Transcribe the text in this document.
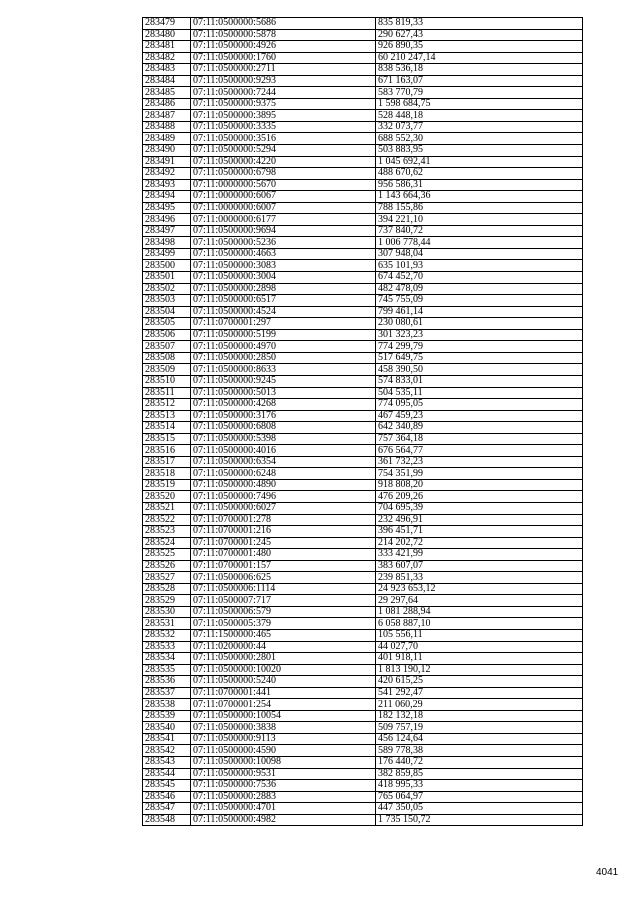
283479	07:11:0500000:5686	835 819,33
283480	07:11:0500000:5878	290 627,43
283481	07:11:0500000:4926	926 890,35
283482	07:11:0500000:1760	60 210 247,14
283483	07:11:0500000:2711	838 536,18
283484	07:11:0500000:9293	671 163,07
283485	07:11:0500000:7244	583 770,79
283486	07:11:0500000:9375	1 598 684,75
283487	07:11:0500000:3895	528 448,18
283488	07:11:0500000:3335	332 073,77
283489	07:11:0500000:3516	688 552,30
283490	07:11:0500000:5294	503 883,95
283491	07:11:0500000:4220	1 045 692,41
283492	07:11:0500000:6798	488 670,62
283493	07:11:0000000:5670	956 586,31
283494	07:11:0000000:6067	1 143 664,36
283495	07:11:0000000:6007	788 155,86
283496	07:11:0000000:6177	394 221,10
283497	07:11:0500000:9694	737 840,72
283498	07:11:0500000:5236	1 006 778,44
283499	07:11:0500000:4663	307 948,04
283500	07:11:0500000:3083	635 101,93
283501	07:11:0500000:3004	674 452,70
283502	07:11:0500000:2898	482 478,09
283503	07:11:0500000:6517	745 755,09
283504	07:11:0500000:4524	799 461,14
283505	07:11:0700001:297	230 080,61
283506	07:11:0500000:5199	301 323,23
283507	07:11:0500000:4970	774 299,79
283508	07:11:0500000:2850	517 649,75
283509	07:11:0500000:8633	458 390,50
283510	07:11:0500000:9245	574 833,01
283511	07:11:0500000:5013	504 535,11
283512	07:11:0500000:4268	774 095,05
283513	07:11:0500000:3176	467 459,23
283514	07:11:0500000:6808	642 340,89
283515	07:11:0500000:5398	757 364,18
283516	07:11:0500000:4016	676 564,77
283517	07:11:0500000:6354	361 732,23
283518	07:11:0500000:6248	754 351,99
283519	07:11:0500000:4890	918 808,20
283520	07:11:0500000:7496	476 209,26
283521	07:11:0500000:6027	704 695,39
283522	07:11:0700001:278	232 496,91
283523	07:11:0700001:216	396 451,71
283524	07:11:0700001:245	214 202,72
283525	07:11:0700001:480	333 421,99
283526	07:11:0700001:157	383 607,07
283527	07:11:0500006:625	239 851,33
283528	07:11:0500006:1114	24 923 653,12
283529	07:11:0500007:717	29 297,64
283530	07:11:0500006:579	1 081 288,94
283531	07:11:0500005:379	6 058 887,10
283532	07:11:1500000:465	105 556,11
283533	07:11:0200000:44	44 027,70
283534	07:11:0500000:2801	401 918,11
283535	07:11:0500000:10020	1 813 190,12
283536	07:11:0500000:5240	420 615,25
283537	07:11:0700001:441	541 292,47
283538	07:11:0700001:254	211 060,29
283539	07:11:0500000:10054	182 132,18
283540	07:11:0500000:3838	509 757,19
283541	07:11:0500000:9113	456 124,64
283542	07:11:0500000:4590	589 778,38
283543	07:11:0500000:10098	176 440,72
283544	07:11:0500000:9531	382 859,85
283545	07:11:0500000:7536	418 995,33
283546	07:11:0500000:2883	765 064,97
283547	07:11:0500000:4701	447 350,05
283548	07:11:0500000:4982	1 735 150,72
4041
